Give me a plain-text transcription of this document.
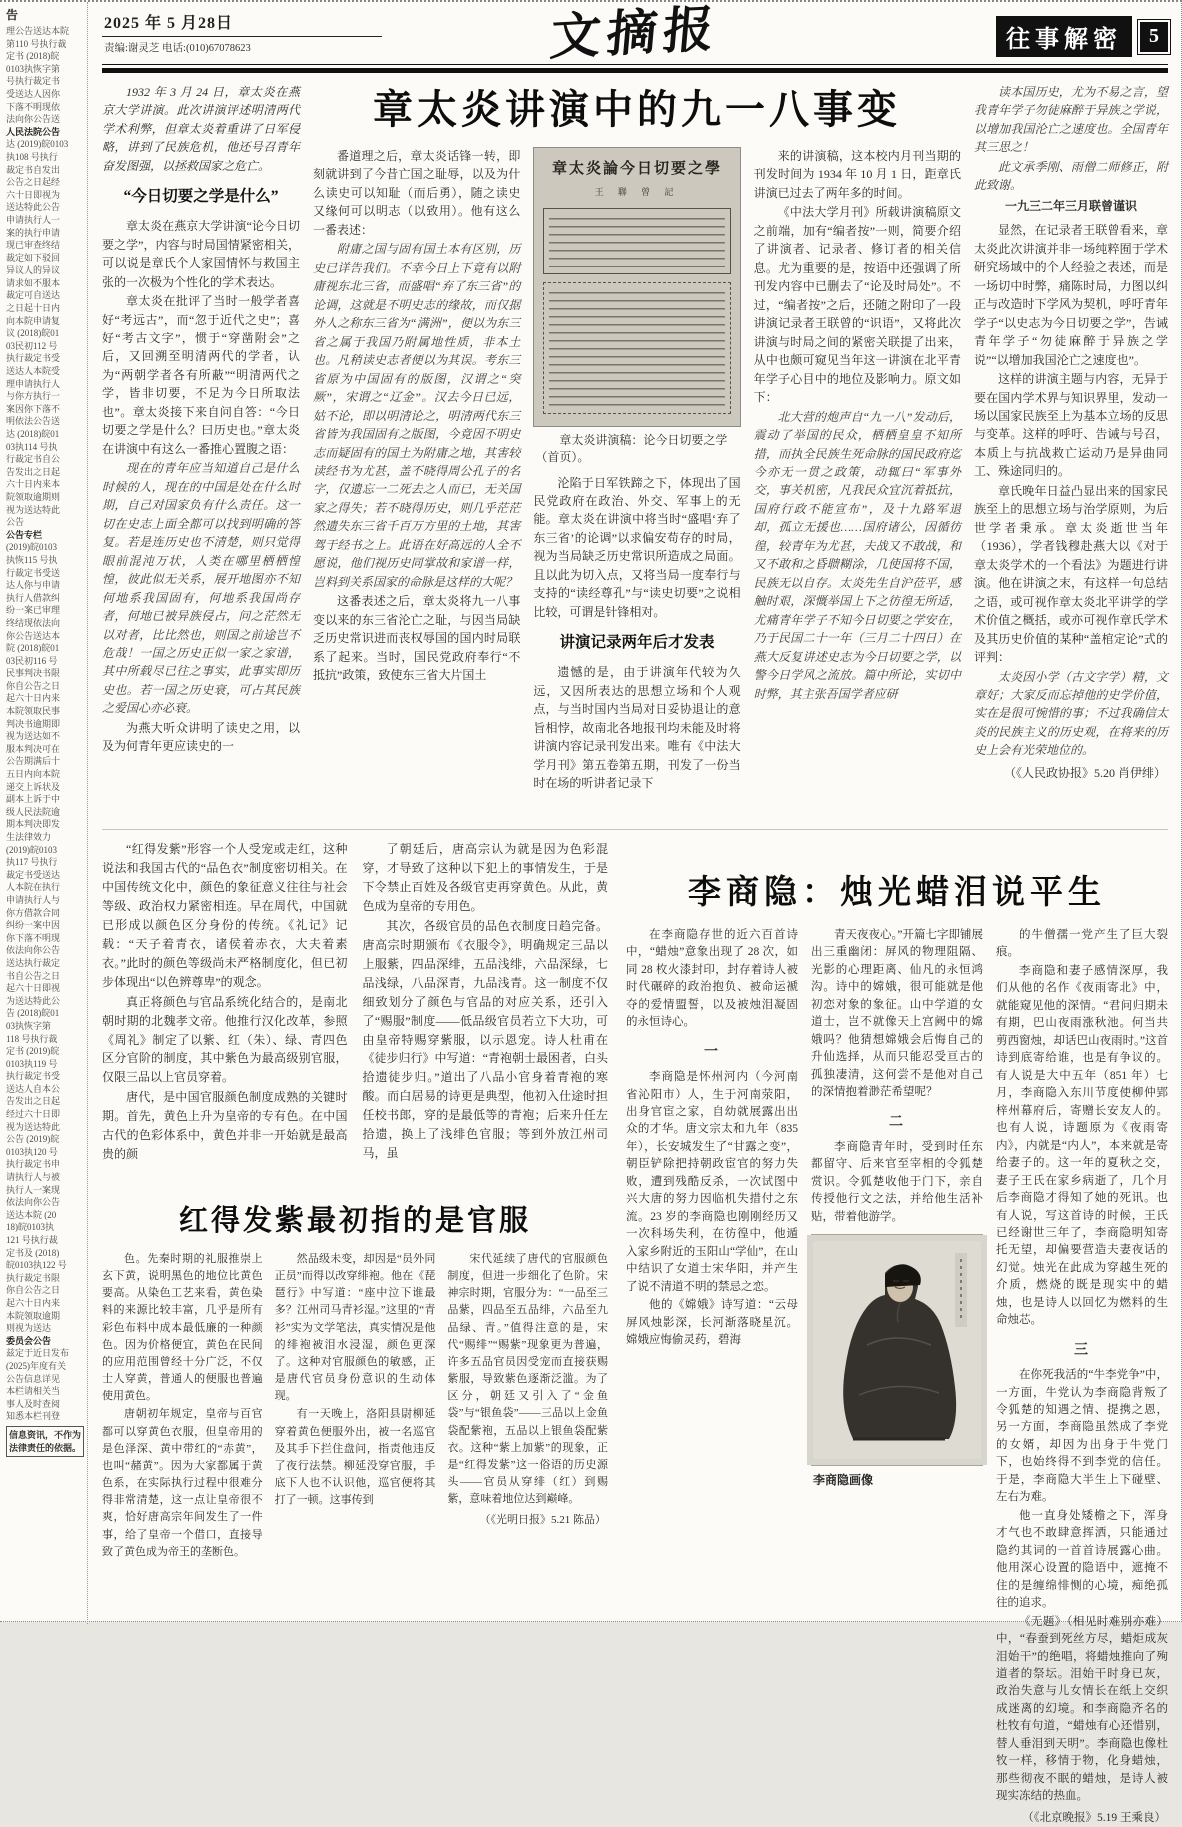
告
理公告送达本院
第110 号执行裁
定书 (2018)皖
0103执恢字第
号执行裁定书
受送达人因你
下落不明现依
法向你公告送
人民法院公告
达 (2019)皖0103
执108 号执行
裁定书自发出
公告之日起经
六十日即视为
送达特此公告
申请执行人一
案的执行申请
现已审查终结
裁定如下驳回
异议人的异议
请求如不服本
裁定可自送达
之日起十日内
向本院申请复
议 (2018)皖01
03民初112 号
执行裁定书受
送达人本院受
理申请执行人
与你方执行一
案因你下落不
明依法公告送
达 (2018)皖01
03执114 号执
行裁定书自公
告发出之日起
六十日内来本
院领取逾期则
视为送达特此
公告
公告专栏
(2019)皖0103
执恢115 号执
行裁定书受送
达人你与申请
执行人借款纠
纷一案已审理
终结现依法向
你公告送达本
院 (2018)皖01
03民初116 号
民事判决书限
你自公告之日
起六十日内来
本院领取民事
判决书逾期即
视为送达如不
服本判决可在
公告期满后十
五日内向本院
递交上诉状及
副本上诉于中
级人民法院逾
期本判决即发
生法律效力
(2019)皖0103
执117 号执行
裁定书受送达
人本院在执行
申请执行人与
你方借款合同
纠纷一案中因
你下落不明现
依法向你公告
送达执行裁定
书自公告之日
起六十日即视
为送达特此公
告 (2018)皖01
03执恢字第
118 号执行裁
定书 (2019)皖
0103执119 号
执行裁定书受
送达人自本公
告发出之日起
经过六十日即
视为送达特此
公告 (2019)皖
0103执120 号
执行裁定书申
请执行人与被
执行人一案现
依法向你公告
送达本院 (20
18)皖0103执
121 号执行裁
定书及 (2018)
皖0103执122 号
执行裁定书限
你自公告之日
起六十日内来
本院领取逾期
则视为送达
委员会公告
兹定于近日发布
(2025)年度有关
公告信息详见
本栏请相关当
事人及时查阅
知悉本栏刊登
信息资讯，不作为
法律责任的依据。
2025 年 5 月28日
责编:谢灵芝 电话:(010)67078623	文摘报	往事解密	5

1932 年 3 月 24 日，章太炎在燕京大学讲演。此次讲演评述明清两代学术利弊，但章太炎着重讲了日军侵略，讲到了民族危机，他还号召青年奋发图强，以拯救国家之危亡。

“今日切要之学是什么”

章太炎在燕京大学讲演“论今日切要之学”，内容与时局国情紧密相关，可以说是章氏个人家国情怀与救国主张的一次极为个性化的学术表达。

章太炎在批评了当时一般学者喜好“考远古”，而“忽于近代之史”；喜好“考古文字”，惯于“穿凿附会”之后，又回溯至明清两代的学者，认为“两朝学者各有所蔽”“明清两代之学，皆非切要，不足为今日所取法也”。章太炎接下来自问自答：“今日切要之学是什么？曰历史也。”章太炎在讲演中有这么一番推心置腹之语：

现在的青年应当知道自己是什么时候的人，现在的中国是处在什么时期，自己对国家负有什么责任。这一切在史志上面全都可以找到明确的答复。若是连历史也不清楚，则只觉得眼前混沌万状，人类在哪里栖栖惶惶，彼此似无关系，展开地图亦不知何地系我国固有，何地系我国尚存者，何地已被异族侵占，问之茫然无以对者，比比然也，则国之前途岂不危哉！一国之历史正似一家之家谱，其中所载尽已往之事实，此事实即历史也。若一国之历史衰，可占其民族之爱国心亦必衰。

为燕大听众讲明了读史之用，以及为何青年更应读史的一

章太炎讲演中的九一八事变

番道理之后，章太炎话锋一转，即刻就讲到了今昔亡国之耻辱，以及为什么读史可以知耻（而后勇），随之读史又缘何可以明志（以致用）。他有这么一番表述：

附庸之国与固有国土本有区别，历史已详告我们。不幸今日上下竟有以附庸视东北三省，而盛唱“弃了东三省”的论调，这就是不明史志的缘故，而仅据外人之称东三省为“满洲”，便以为东三省之属于我国乃附属地性质，非本土也。凡稍读史志者便以为其误。考东三省原为中国固有的版图，汉谓之“突厥”，宋谓之“辽金”。汉去今日已远，姑不论，即以明清论之，明清两代东三省皆为我国固有之版图，今竟因不明史志而疑固有的国土为附庸之地，其害较读经书为尤甚，盖不晓得周公孔子的名字，仅遗忘一二死去之人而已，无关国家之得失；若不晓得历史，则几乎茫茫然遗失东三省千百万方里的土地，其害驾于经书之上。此语在好高远的人全不愿说，他们视历史同掌故和家谱一样，岂料到关系国家的命脉是这样的大呢？

这番表述之后，章太炎将九一八事变以来的东三省沦亡之耻，与因当局缺乏历史常识进而丧权辱国的国内时局联系了起来。当时，国民党政府奉行“不抵抗”政策，致使东三省大片国土

章太炎論今日切要之學
王 聯 曾 記
章太炎讲演稿：论今日切要之学（首页）。

沦陷于日军铁蹄之下，体现出了国民党政府在政治、外交、军事上的无能。章太炎在讲演中将当时“盛唱‘弃了东三省’的论调”以求偏安苟存的时局，视为当局缺乏历史常识所造成之局面。且以此为切入点，又将当局一度奉行与支持的“读经尊孔”与“读史切要”之说相比较，可谓是针锋相对。

讲演记录两年后才发表

遗憾的是，由于讲演年代较为久远，又因所表达的思想立场和个人观点，与当时国内当局对日妥协退让的意旨相悖，故南北各地报刊均未能及时将讲演内容记录刊发出来。唯有《中法大学月刊》第五卷第五期，刊发了一份当时在场的听讲者记录下

来的讲演稿，这本校内月刊当期的刊发时间为 1934 年 10 月 1 日，距章氏讲演已过去了两年多的时间。

《中法大学月刊》所载讲演稿原文之前端，加有“编者按”一则，简要介绍了讲演者、记录者、修订者的相关信息。尤为重要的是，按语中还强调了所刊发内容中已删去了“论及时局处”。不过，“编者按”之后，还随之附印了一段讲演记录者王联曾的“识语”，又将此次讲演与时局之间的紧密关联提了出来，从中也颇可窥见当年这一讲演在北平青年学子心目中的地位及影响力。原文如下：

北大营的炮声自“九一八”发动后，震动了举国的民众，栖栖皇皇不知所措，而执全民族生死命脉的国民政府迄今亦无一贯之政策，动辄曰“军事外交，事关机密，凡我民众宜沉着抵抗，国府行政不能宣布”，及十九路军退却，孤立无援也……国府诸公，因循彷徨，较青年为尤甚，夫战又不敢战，和又不敢和之昏聩糊涂，几使国将不国，民族无以自存。太炎先生自沪莅平，感触时艰，深慨举国上下之彷徨无所适，尤痛青年学子不知今日切要之学安在，乃于民国二十一年（三月二十四日）在燕大反复讲述史志为今日切要之学，以警今日学风之流放。篇中所论，实切中时弊，其主张吾国学者应研

读本国历史，尤为不易之言，望我青年学子勿徒麻醉于异族之学说，以增加我国沦亡之速度也。全国青年其三思之！

此文承季刚、雨僧二师修正，附此致谢。

一九三二年三月联曾谨识

显然，在记录者王联曾看来，章太炎此次讲演并非一场纯粹囿于学术研究场域中的个人经验之表述，而是一场切中时弊，痛陈时局，力图以纠正与改造时下学风为契机，呼吁青年学子“以史志为今日切要之学”，告诫青年学子“勿徒麻醉于异族之学说”“以增加我国沦亡之速度也”。

这样的讲演主题与内容，无异于要在国内学术界与知识界里，发动一场以国家民族至上为基本立场的反思与变革。这样的呼吁、告诫与号召，本质上与抗战救亡运动乃是异曲同工、殊途同归的。

章氏晚年日益凸显出来的国家民族至上的思想立场与治学原则，为后世学者秉承。章太炎逝世当年（1936），学者钱穆赴燕大以《对于章太炎学术的一个看法》为题进行讲演。他在讲演之末，有这样一句总结之语，或可视作章太炎北平讲学的学术价值之概括，或亦可视作章氏学术及其历史价值的某种“盖棺定论”式的评判：

太炎因小学（古文字学）精，文章好；大家反而忘掉他的史学价值，实在是很可惋惜的事；不过我确信太炎的民族主义的历史观，在将来的历史上会有光荣地位的。

（《人民政协报》5.20 肖伊绯）

“红得发紫”形容一个人受宠或走红，这种说法和我国古代的“品色衣”制度密切相关。在中国传统文化中，颜色的象征意义往往与社会等级、政治权力紧密相连。早在周代，中国就已形成以颜色区分身份的传统。《礼记》记载：“天子着青衣，诸侯着赤衣，大夫着素衣。”此时的颜色等级尚未严格制度化，但已初步体现出“以色辨尊卑”的观念。

真正将颜色与官品系统化结合的，是南北朝时期的北魏孝文帝。他推行汉化改革，参照《周礼》制定了以紫、红（朱）、绿、青四色区分官阶的制度，其中紫色为最高级别官服，仅限三品以上官员穿着。

唐代，是中国官服颜色制度成熟的关键时期。首先，黄色上升为皇帝的专有色。在中国古代的色彩体系中，黄色并非一开始就是最高贵的颜

了朝廷后，唐高宗认为就是因为色彩混穿，才导致了这种以下犯上的事情发生，于是下令禁止百姓及各级官吏再穿黄色。从此，黄色成为皇帝的专用色。

其次，各级官员的品色衣制度日趋完备。唐高宗时期颁布《衣服令》，明确规定三品以上服紫，四品深绯，五品浅绯，六品深绿，七品浅绿，八品深青，九品浅青。这一制度不仅细致划分了颜色与官品的对应关系，还引入了“赐服”制度——低品级官员若立下大功，可由皇帝特赐穿紫服，以示恩宠。诗人杜甫在《徒步归行》中写道：“青袍朝士最困者，白头拾遗徒步归。”道出了八品小官身着青袍的寒酸。而白居易的诗更是典型，他初入仕途时担任校书郎，穿的是最低等的青袍；后来升任左拾遗，换上了浅绯色官服；等到外放江州司马，虽

红得发紫最初指的是官服

色。先秦时期的礼服推崇上玄下黄，说明黑色的地位比黄色要高。从染色工艺来看，黄色染料的来源比较丰富，几乎是所有彩色布料中成本最低廉的一种颜色。因为价格便宜，黄色在民间的应用范围曾经十分广泛，不仅士人穿黄，普通人的便服也普遍使用黄色。

唐朝初年规定，皇帝与百官都可以穿黄色衣服，但皇帝用的是色泽深、黄中带红的“赤黄”，也叫“赭黄”。因为大家都属于黄色系，在实际执行过程中很难分得非常清楚，这一点让皇帝很不爽，恰好唐高宗年间发生了一件事，给了皇帝一个借口，直接导致了黄色成为帝王的垄断色。

然品级未变，却因是“员外同正员”而得以改穿绯袍。他在《琵琶行》中写道：“座中泣下谁最多？江州司马青衫湿。”这里的“青衫”实为文学笔法，真实情况是他的绯袍被泪水浸湿，颜色更深了。这种对官服颜色的敏感，正是唐代官员身份意识的生动体现。

有一天晚上，洛阳县尉柳延穿着黄色便服外出，被一名巡官及其手下拦住盘问，指责他违反了夜行法禁。柳延没穿官服，手底下人也不认识他，巡官便将其打了一顿。这事传到

宋代延续了唐代的官服颜色制度，但进一步细化了色阶。宋神宗时期，官服分为：“一品至三品紫，四品至五品绯，六品至九品绿、青。”值得注意的是，宋代“赐绯”“赐紫”现象更为普遍，许多五品官员因受宠而直接获赐紫服，导致紫色逐渐泛滥。为了区分，朝廷又引入了“金鱼袋”与“银鱼袋”——三品以上金鱼袋配紫袍，五品以上银鱼袋配紫衣。这种“紫上加紫”的现象，正是“红得发紫”这一俗语的历史源头——官员从穿绯（红）到赐紫，意味着地位达到巅峰。

（《光明日报》5.21 陈品）

李商隐：烛光蜡泪说平生

在李商隐存世的近六百首诗中，“蜡烛”意象出现了 28 次，如同 28 枚火漆封印，封存着诗人被时代碾碎的政治抱负、被命运褫夺的爱情盟誓，以及被烛泪凝固的永恒诗心。

一

李商隐是怀州河内（今河南省沁阳市）人，生于河南荥阳，出身官宦之家，自幼就展露出出众的才华。唐文宗太和九年（835 年），长安城发生了“甘露之变”，朝臣铲除把持朝政宦官的努力失败，遭到残酷反杀，一次试图中兴大唐的努力因临机失措付之东流。23 岁的李商隐也刚刚经历又一次科场失利，在彷徨中，他遁入家乡附近的玉阳山“学仙”，在山中结识了女道士宋华阳，并产生了说不清道不明的禁忌之恋。

他的《嫦娥》诗写道：“云母屏风烛影深，长河渐落晓星沉。嫦娥应悔偷灵药，碧海

青天夜夜心。”开篇七字即铺展出三重幽闭：屏风的物理阻隔、光影的心理距离、仙凡的永恒鸿沟。诗中的嫦娥，很可能就是他初恋对象的象征。山中学道的女道士，岂不就像天上宫阙中的嫦娥吗？他猜想嫦娥会后悔自己的升仙选择，从而只能忍受亘古的孤独凄清，这何尝不是他对自己的深情抱着渺茫希望呢？

二

李商隐青年时，受到时任东都留守、后来官至宰相的令狐楚赏识。令狐楚收他于门下，亲自传授他行文之法，并给他生活补贴，带着他游学。

李商隐画像

的牛僧孺一党产生了巨大裂痕。

李商隐和妻子感情深厚，我们从他的名作《夜雨寄北》中，就能窥见他的深情。“君问归期未有期，巴山夜雨涨秋池。何当共剪西窗烛，却话巴山夜雨时。”这首诗到底寄给谁，也是有争议的。有人说是大中五年（851 年）七月，李商隐入东川节度使柳仲郢梓州幕府后，寄赠长安友人的。也有人说，诗题原为《夜雨寄内》，内就是“内人”，本来就是寄给妻子的。这一年的夏秋之交，妻子王氏在家乡病逝了，几个月后李商隐才得知了她的死讯。也有人说，写这首诗的时候，王氏已经谢世三年了，李商隐明知寄托无望，却偏要营造夫妻夜话的幻觉。烛光在此成为穿越生死的介质，燃烧的既是现实中的蜡烛，也是诗人以回忆为燃料的生命烛芯。

三

在你死我活的“牛李党争”中，一方面，牛党认为李商隐背叛了令狐楚的知遇之情、提携之恩，另一方面，李商隐虽然成了李党的女婿，却因为出身于牛党门下，也始终得不到李党的信任。于是，李商隐大半生上下碰壁、左右为难。

他一直身处矮檐之下，浑身才气也不敢肆意挥洒，只能通过隐约其词的一首首诗展露心曲。他用深心设置的隐语中，遮掩不住的是缠绵悱恻的心境，痴绝孤往的追求。

《无题》（相见时难别亦难）中，“春蚕到死丝方尽，蜡炬成灰泪始干”的绝唱，将蜡烛推向了殉道者的祭坛。泪始干时身已灰，政治失意与儿女情长在纸上交织成迷离的幻境。和李商隐齐名的杜牧有句道，“蜡烛有心还惜别，替人垂泪到天明”。李商隐也像杜牧一样，移情于物，化身蜡烛，那些彻夜不眠的蜡烛，是诗人被现实冻结的热血。

（《北京晚报》5.19 王乘良）
